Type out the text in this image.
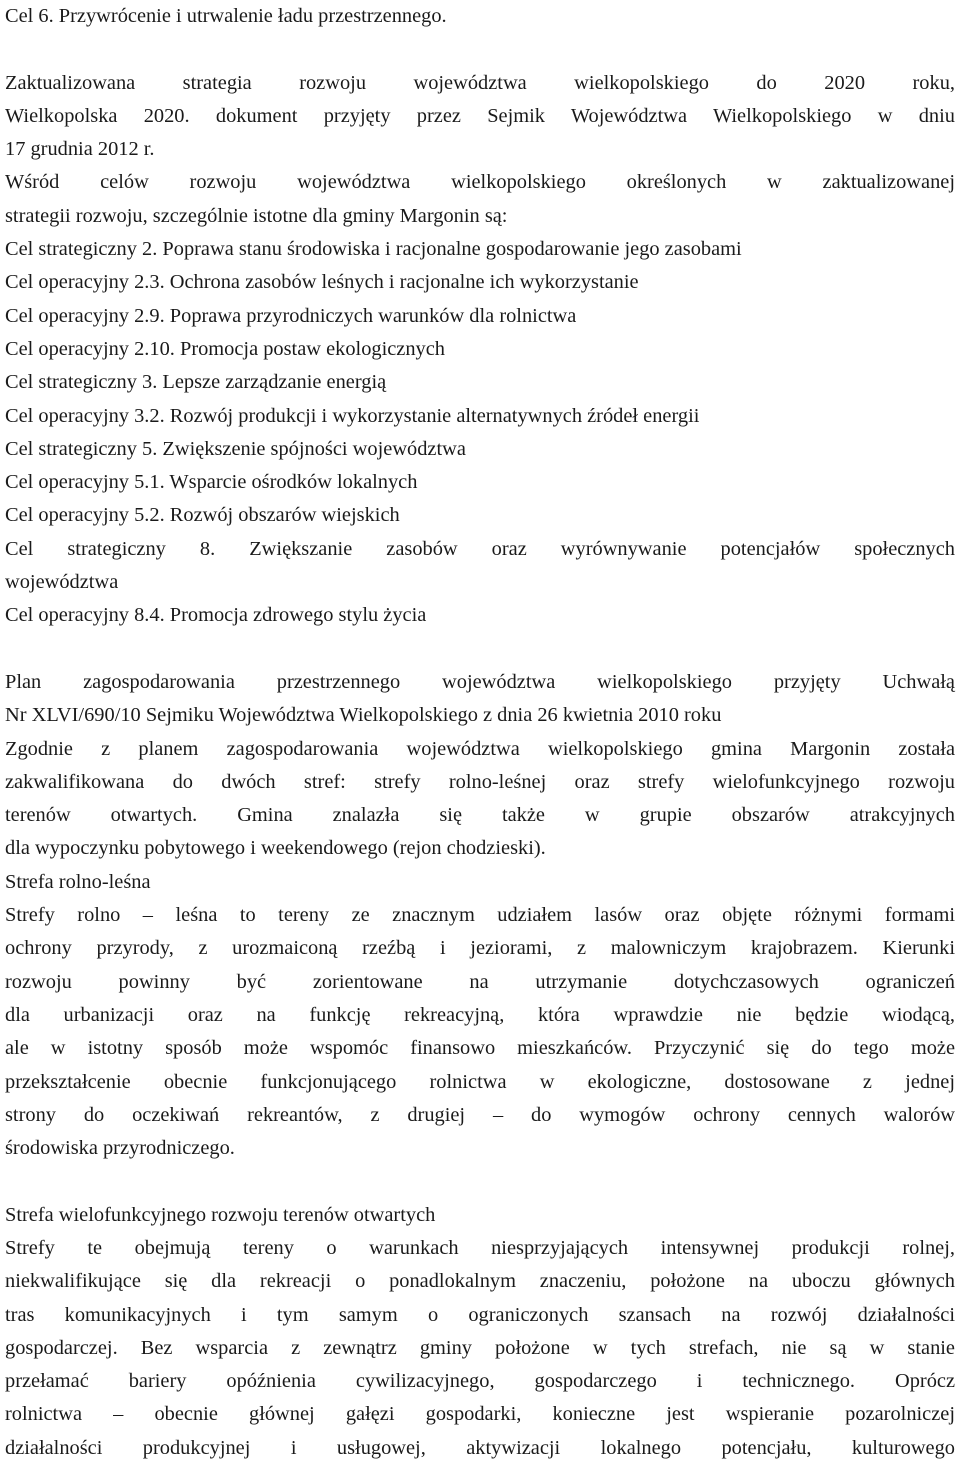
Cel 6. Przywrócenie i utrwalenie ładu przestrzennego.
Zaktualizowana strategia rozwoju województwa wielkopolskiego do 2020 roku,
Wielkopolska 2020. dokument przyjęty przez Sejmik Województwa Wielkopolskiego w dniu
17 grudnia 2012 r.
Wśród celów rozwoju województwa wielkopolskiego określonych w zaktualizowanej
strategii rozwoju, szczególnie istotne dla gminy Margonin są:
Cel strategiczny 2. Poprawa stanu środowiska i racjonalne gospodarowanie jego zasobami
Cel operacyjny 2.3. Ochrona zasobów leśnych i racjonalne ich wykorzystanie
Cel operacyjny 2.9. Poprawa przyrodniczych warunków dla rolnictwa
Cel operacyjny 2.10. Promocja postaw ekologicznych
Cel strategiczny 3. Lepsze zarządzanie energią
Cel operacyjny 3.2. Rozwój produkcji i wykorzystanie alternatywnych źródeł energii
Cel strategiczny 5. Zwiększenie spójności województwa
Cel operacyjny 5.1. Wsparcie ośrodków lokalnych
Cel operacyjny 5.2. Rozwój obszarów wiejskich
Cel strategiczny 8. Zwiększanie zasobów oraz wyrównywanie potencjałów społecznych
województwa
Cel operacyjny 8.4. Promocja zdrowego stylu życia
Plan zagospodarowania przestrzennego województwa wielkopolskiego przyjęty Uchwałą
Nr XLVI/690/10 Sejmiku Województwa Wielkopolskiego z dnia 26 kwietnia 2010 roku
Zgodnie z planem zagospodarowania województwa wielkopolskiego gmina Margonin została
zakwalifikowana do dwóch stref: strefy rolno-leśnej oraz strefy wielofunkcyjnego rozwoju
terenów otwartych. Gmina znalazła się także w grupie obszarów atrakcyjnych
dla wypoczynku pobytowego i weekendowego (rejon chodzieski).
Strefa rolno-leśna
Strefy rolno – leśna to tereny ze znacznym udziałem lasów oraz objęte różnymi formami
ochrony przyrody, z urozmaiconą rzeźbą i jeziorami, z malowniczym krajobrazem. Kierunki
rozwoju powinny być zorientowane na utrzymanie dotychczasowych ograniczeń
dla urbanizacji oraz na funkcję rekreacyjną, która wprawdzie nie będzie wiodącą,
ale w istotny sposób może wspomóc finansowo mieszkańców. Przyczynić się do tego może
przekształcenie obecnie funkcjonującego rolnictwa w ekologiczne, dostosowane z jednej
strony do oczekiwań rekreantów, z drugiej – do wymogów ochrony cennych walorów
środowiska przyrodniczego.
Strefa wielofunkcyjnego rozwoju terenów otwartych
Strefy te obejmują tereny o warunkach niesprzyjających intensywnej produkcji rolnej,
niekwalifikujące się dla rekreacji o ponadlokalnym znaczeniu, położone na uboczu głównych
tras komunikacyjnych i tym samym o ograniczonych szansach na rozwój działalności
gospodarczej. Bez wsparcia z zewnątrz gminy położone w tych strefach, nie są w stanie
przełamać bariery opóźnienia cywilizacyjnego, gospodarczego i technicznego. Oprócz
rolnictwa – obecnie głównej gałęzi gospodarki, konieczne jest wspieranie pozarolniczej
działalności produkcyjnej i usługowej, aktywizacji lokalnego potencjału, kulturowego
